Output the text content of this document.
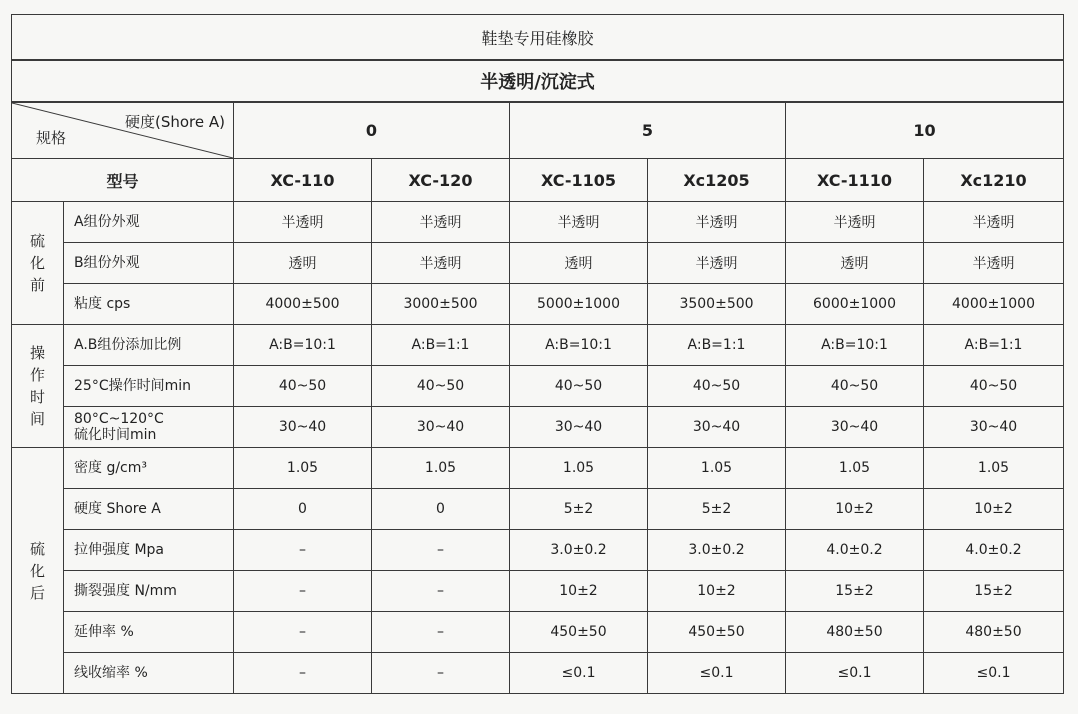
鞋垫专用硅橡胶							
半透明/沉淀式							

硬度(Shore A)
规格		0		5		10	
型号		XC-110	XC-120	XC-1105	Xc1205	XC-1110	Xc1210

硫
化
前	A组份外观	半透明	半透明	半透明	半透明	半透明	半透明

	B组份外观	透明	半透明	透明	半透明	透明	半透明

	粘度 cps	4000±500	3000±500	5000±1000	3500±500	6000±1000	4000±1000

操
作
时
间	A.B组份添加比例	A:B=10:1	A:B=1:1	A:B=10:1	A:B=1:1	A:B=10:1	A:B=1:1

	25°C操作时间min	40~50	40~50	40~50	40~50	40~50	40~50

	80°C~120°C
硫化时间min	30~40	30~40	30~40	30~40	30~40	30~40

硫
化
后	密度 g/cm³	1.05	1.05	1.05	1.05	1.05	1.05

	硬度 Shore A	0	0	5±2	5±2	10±2	10±2

	拉伸强度 Mpa	–	–	3.0±0.2	3.0±0.2	4.0±0.2	4.0±0.2

	撕裂强度 N/mm	–	–	10±2	10±2	15±2	15±2

	延伸率 %	–	–	450±50	450±50	480±50	480±50

	线收缩率 %	–	–	≤0.1	≤0.1	≤0.1	≤0.1
